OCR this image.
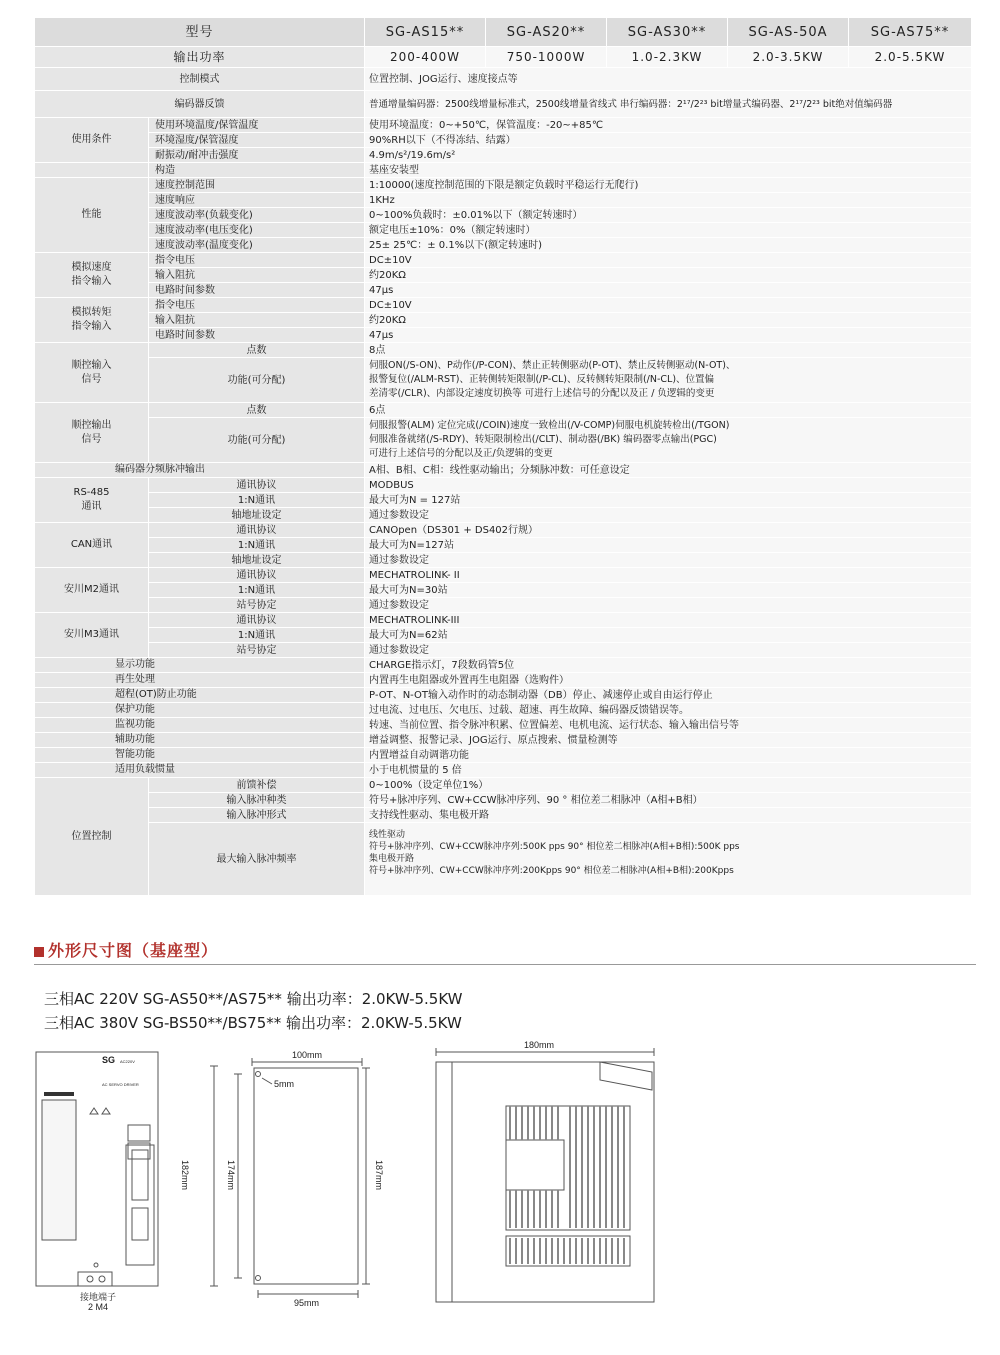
型号		SG-AS15**	SG-AS20**	SG-AS30**	SG-AS-50A	SG-AS75**
输出功率		200-400W	750-1000W	1.0-2.3KW	2.0-3.5KW	2.0-5.5KW
控制模式		位置控制、JOG运行、速度接点等				
编码器反馈		普通增量编码器：2500线增量标准式，2500线增量省线式 串行编码器：2¹⁷/2²³ bit增量式编码器、2¹⁷/2²³ bit绝对值编码器				
使用条件	使用环境温度/保管温度	使用环境温度：0~+50℃，保管温度：-20~+85℃				
	环境湿度/保管湿度	90%RH以下（不得冻结、结露）				
	耐振动/耐冲击强度	4.9m/s²/19.6m/s²				
	构造	基座安装型				
性能	速度控制范围	1:10000(速度控制范围的下限是额定负载时平稳运行无爬行)				
	速度响应	1KHz				
	速度波动率(负载变化)	0~100%负载时：±0.01%以下（额定转速时）				
	速度波动率(电压变化)	额定电压±10%：0%（额定转速时）				
	速度波动率(温度变化)	25± 25℃：± 0.1%以下(额定转速时)				

模拟速度
指令输入	指令电压	DC±10V				
	输入阻抗	约20KΩ				
	电路时间参数	47μs				

模拟转矩
指令输入	指令电压	DC±10V				
	输入阻抗	约20KΩ				
	电路时间参数	47μs				

顺控输入
信号	点数	8点				
	功能(可分配)	伺服ON(/S-ON)、P动作(/P-CON)、禁止正转侧驱动(P-OT)、禁止反转侧驱动(N-OT)、
报警复位(/ALM-RST)、正转侧转矩限制(/P-CL)、反转侧转矩限制(/N-CL)、位置偏
差清零(/CLR)、内部设定速度切换等 可进行上述信号的分配以及正 / 负逻辑的变更				

顺控输出
信号	点数	6点				
	功能(可分配)	伺服报警(ALM) 定位完成(/COIN)速度一致检出(/V-COMP)伺服电机旋转检出(/TGON)
伺服准备就绪(/S-RDY)、转矩限制检出(/CLT)、制动器(/BK) 编码器零点输出(PGC)
可进行上述信号的分配以及正/负逻辑的变更				

编码器分频脉冲输出		A相、B相、C相：线性驱动输出；分频脉冲数：可任意设定				

RS-485
通讯	通讯协议	MODBUS				
	1:N通讯	最大可为N = 127站				
	轴地址设定	通过参数设定				
CAN通讯	通讯协议	CANOpen（DS301 + DS402行规）				
	1:N通讯	最大可为N=127站				
	轴地址设定	通过参数设定				
安川M2通讯	通讯协议	MECHATROLINK- II				
	1:N通讯	最大可为N=30站				
	站号协定	通过参数设定				
安川M3通讯	通讯协议	MECHATROLINK-III				
	1:N通讯	最大可为N=62站				
	站号协定	通过参数设定				
显示功能		CHARGE指示灯，7段数码管5位				
再生处理		内置再生电阻器或外置再生电阻器（选购件）				
超程(OT)防止功能		P-OT、N-OT输入动作时的动态制动器（DB）停止、减速停止或自由运行停止				
保护功能		过电流、过电压、欠电压、过载、超速、再生故障、编码器反馈错误等。				
监视功能		转速、当前位置、指令脉冲积累、位置偏差、电机电流、运行状态、输入输出信号等				
辅助功能		增益调整、报警记录、JOG运行、原点搜索、惯量检测等				
智能功能		内置增益自动调谐功能				
适用负载惯量		小于电机惯量的 5 倍				
位置控制	前馈补偿	0~100%（设定单位1%）				
	输入脉冲种类	符号+脉冲序列、CW+CCW脉冲序列、90 ° 相位差二相脉冲（A相+B相）				
	输入脉冲形式	支持线性驱动、集电极开路				
	最大输入脉冲频率	线性驱动
符号+脉冲序列、CW+CCW脉冲序列:500K pps 90° 相位差二相脉冲(A相+B相):500K pps
集电极开路
符号+脉冲序列、CW+CCW脉冲序列:200Kpps 90° 相位差二相脉冲(A相+B相):200Kpps				
外形尺寸图（基座型）
三相AC 220V SG-AS50**/AS75** 输出功率：2.0KW-5.5KW
三相AC 380V SG-BS50**/BS75** 输出功率：2.0KW-5.5KW
SG AC220V
AC SERVO DRIVER
接地端子
2 M4
100mm
5mm
182mm	174mm	187mm
95mm
180mm
